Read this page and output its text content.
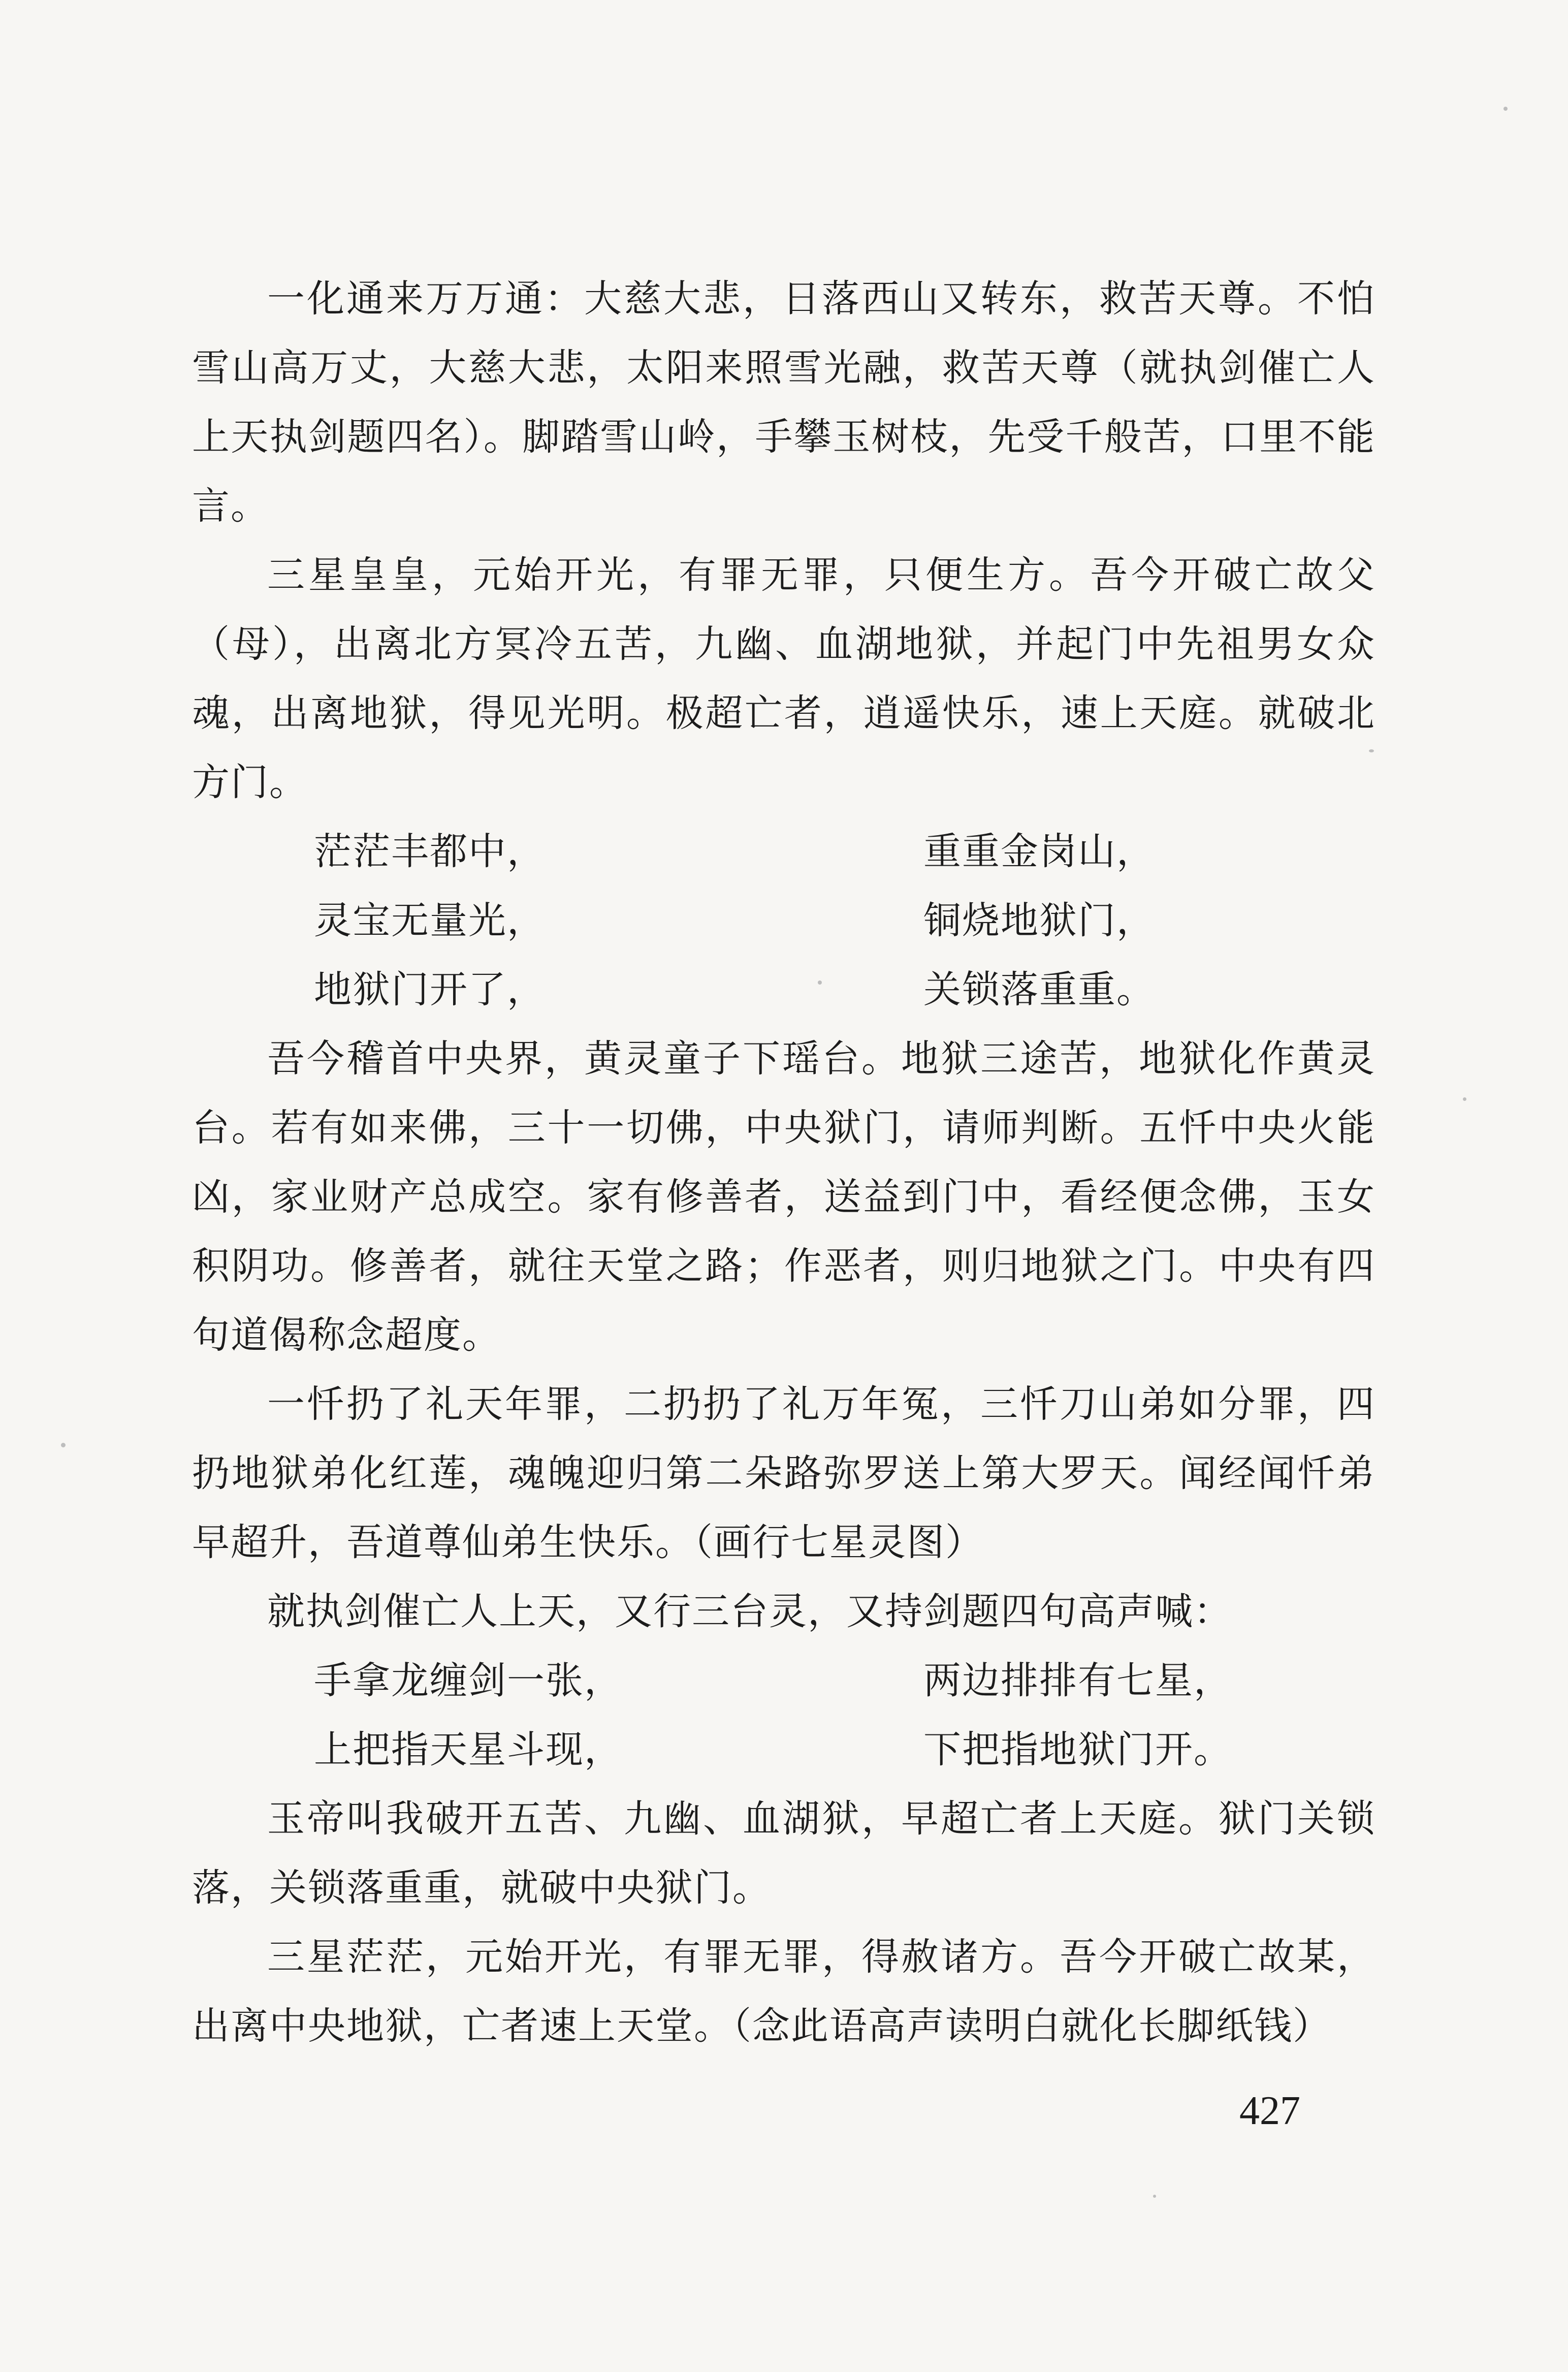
一化通来万万通：大慈大悲，日落西山又转东，救苦天尊。不怕雪山高万丈，大慈大悲，太阳来照雪光融，救苦天尊（就执剑催亡人上天执剑题四名）。脚踏雪山岭，手攀玉树枝，先受千般苦，口里不能言。

三星皇皇，元始开光，有罪无罪，只便生方。吾今开破亡故父（母），出离北方冥冷五苦，九幽、血湖地狱，并起门中先祖男女众魂，出离地狱，得见光明。极超亡者，逍遥快乐，速上天庭。就破北方门。

茫茫丰都中，	重重金岗山，
灵宝无量光，	铜烧地狱门，
地狱门开了，	关锁落重重。

吾今稽首中央界，黄灵童子下瑶台。地狱三途苦，地狱化作黄灵台。若有如来佛，三十一切佛，中央狱门，请师判断。五忏中央火能凶，家业财产总成空。家有修善者，送益到门中，看经便念佛，玉女积阴功。修善者，就往天堂之路；作恶者，则归地狱之门。中央有四句道偈称念超度。

一忏扔了礼天年罪，二扔扔了礼万年冤，三忏刀山弟如分罪，四扔地狱弟化红莲，魂魄迎归第二朵路弥罗送上第大罗天。闻经闻忏弟早超升，吾道尊仙弟生快乐。（画行七星灵图）

就执剑催亡人上天，又行三台灵，又持剑题四句高声喊：

手拿龙缠剑一张，	两边排排有七星，
上把指天星斗现，	下把指地狱门开。

玉帝叫我破开五苦、九幽、血湖狱，早超亡者上天庭。狱门关锁落，关锁落重重，就破中央狱门。

三星茫茫，元始开光，有罪无罪，得赦诸方。吾今开破亡故某，出离中央地狱，亡者速上天堂。（念此语高声读明白就化长脚纸钱）

427
